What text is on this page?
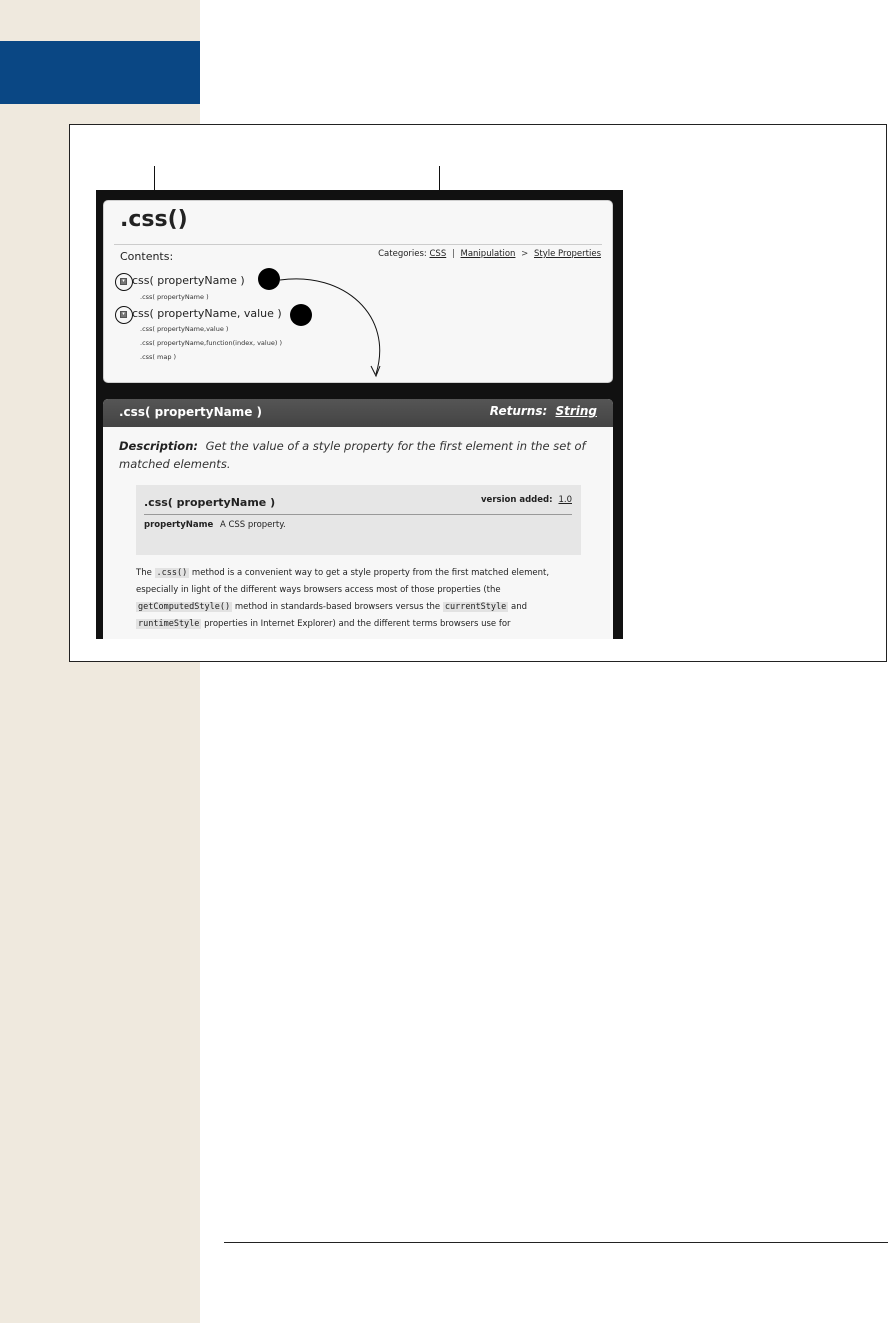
.css()
Contents:	Categories: CSS | Manipulation > Style Properties
▾ css( propertyName )
.css( propertyName )
▾ css( propertyName, value )
.css( propertyName,value )
.css( propertyName,function(index, value) )
.css( map )
.css( propertyName )	Returns: String
Description: Get the value of a style property for the first element in the set of matched elements.
.css( propertyName )	version added: 1.0
propertyName A CSS property.
The .css() method is a convenient way to get a style property from the first matched element, especially in light of the different ways browsers access most of those properties (the getComputedStyle() method in standards-based browsers versus the currentStyle and runtimeStyle properties in Internet Explorer) and the different terms browsers use for
